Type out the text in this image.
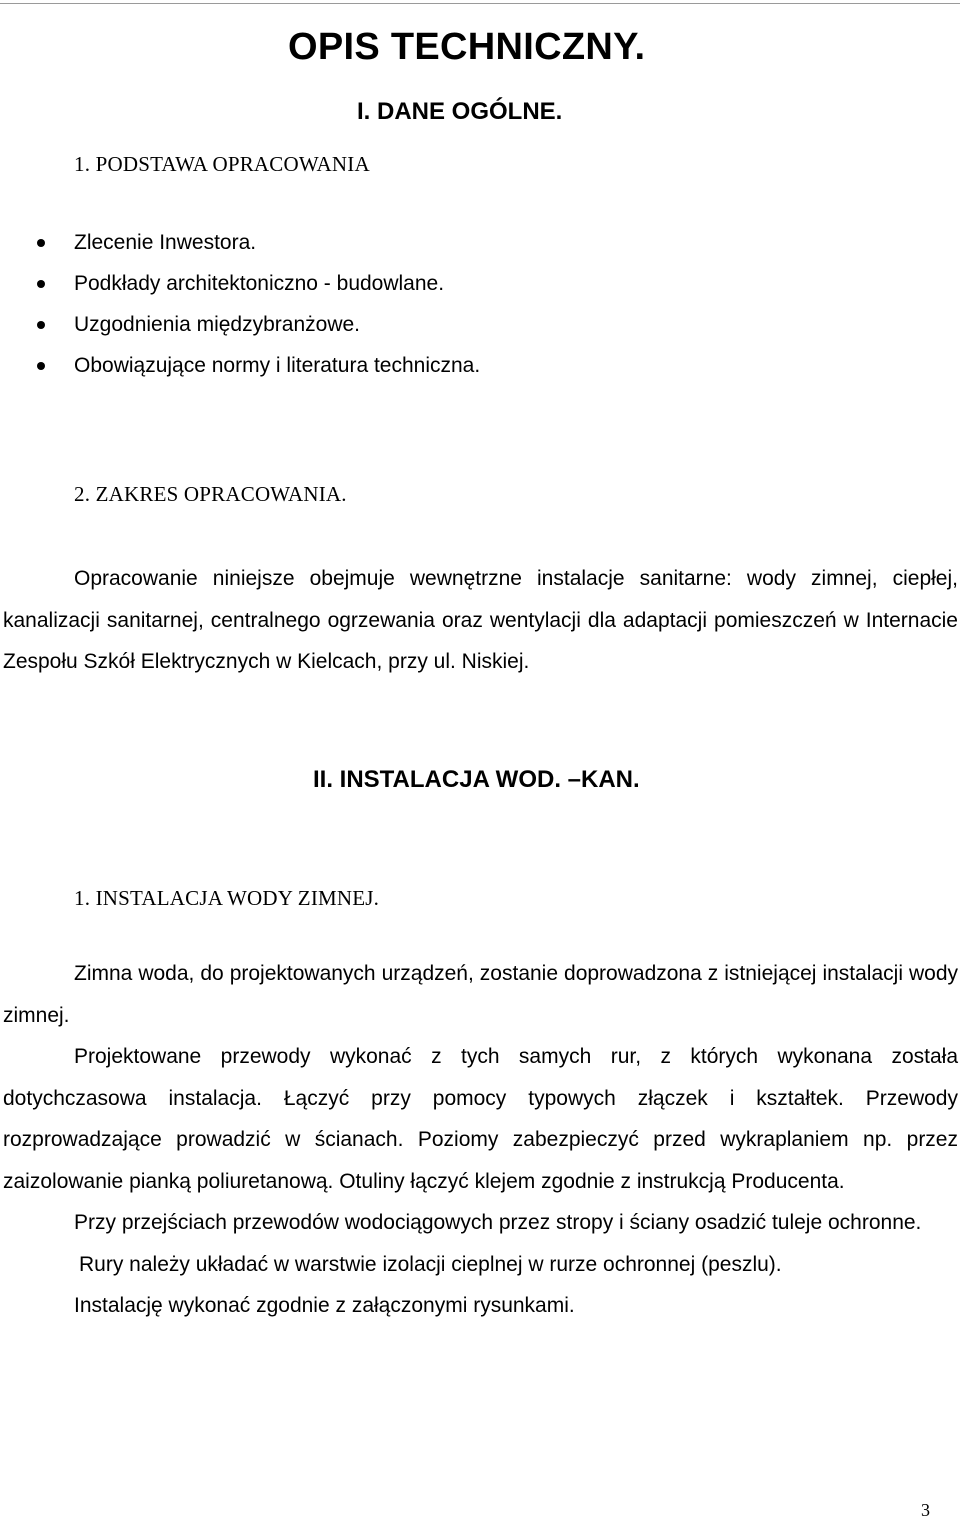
OPIS TECHNICZNY.
I. DANE OGÓLNE.
1. PODSTAWA OPRACOWANIA
Zlecenie Inwestora.
Podkłady architektoniczno - budowlane.
Uzgodnienia międzybranżowe.
Obowiązujące normy i literatura techniczna.
2. ZAKRES OPRACOWANIA.

Opracowanie niniejsze obejmuje wewnętrzne instalacje sanitarne: wody zimnej, ciepłej, kanalizacji sanitarnej, centralnego ogrzewania oraz wentylacji dla adaptacji pomieszczeń w Internacie Zespołu Szkół Elektrycznych w Kielcach, przy ul. Niskiej.

II. INSTALACJA WOD. –KAN.
1. INSTALACJA WODY ZIMNEJ.

Zimna woda, do projektowanych urządzeń, zostanie doprowadzona z istniejącej instalacji wody zimnej.

Projektowane przewody wykonać z tych samych rur, z których wykonana została dotychczasowa instalacja. Łączyć przy pomocy typowych złączek i kształtek. Przewody rozprowadzające prowadzić w ścianach. Poziomy zabezpieczyć przed wykraplaniem np. przez zaizolowanie pianką poliuretanową. Otuliny łączyć klejem zgodnie z instrukcją Producenta.

Przy przejściach przewodów wodociągowych przez stropy i ściany osadzić tuleje ochronne.

Rury należy układać w warstwie izolacji cieplnej w rurze ochronnej (peszlu).

Instalację wykonać zgodnie z załączonymi rysunkami.

3
